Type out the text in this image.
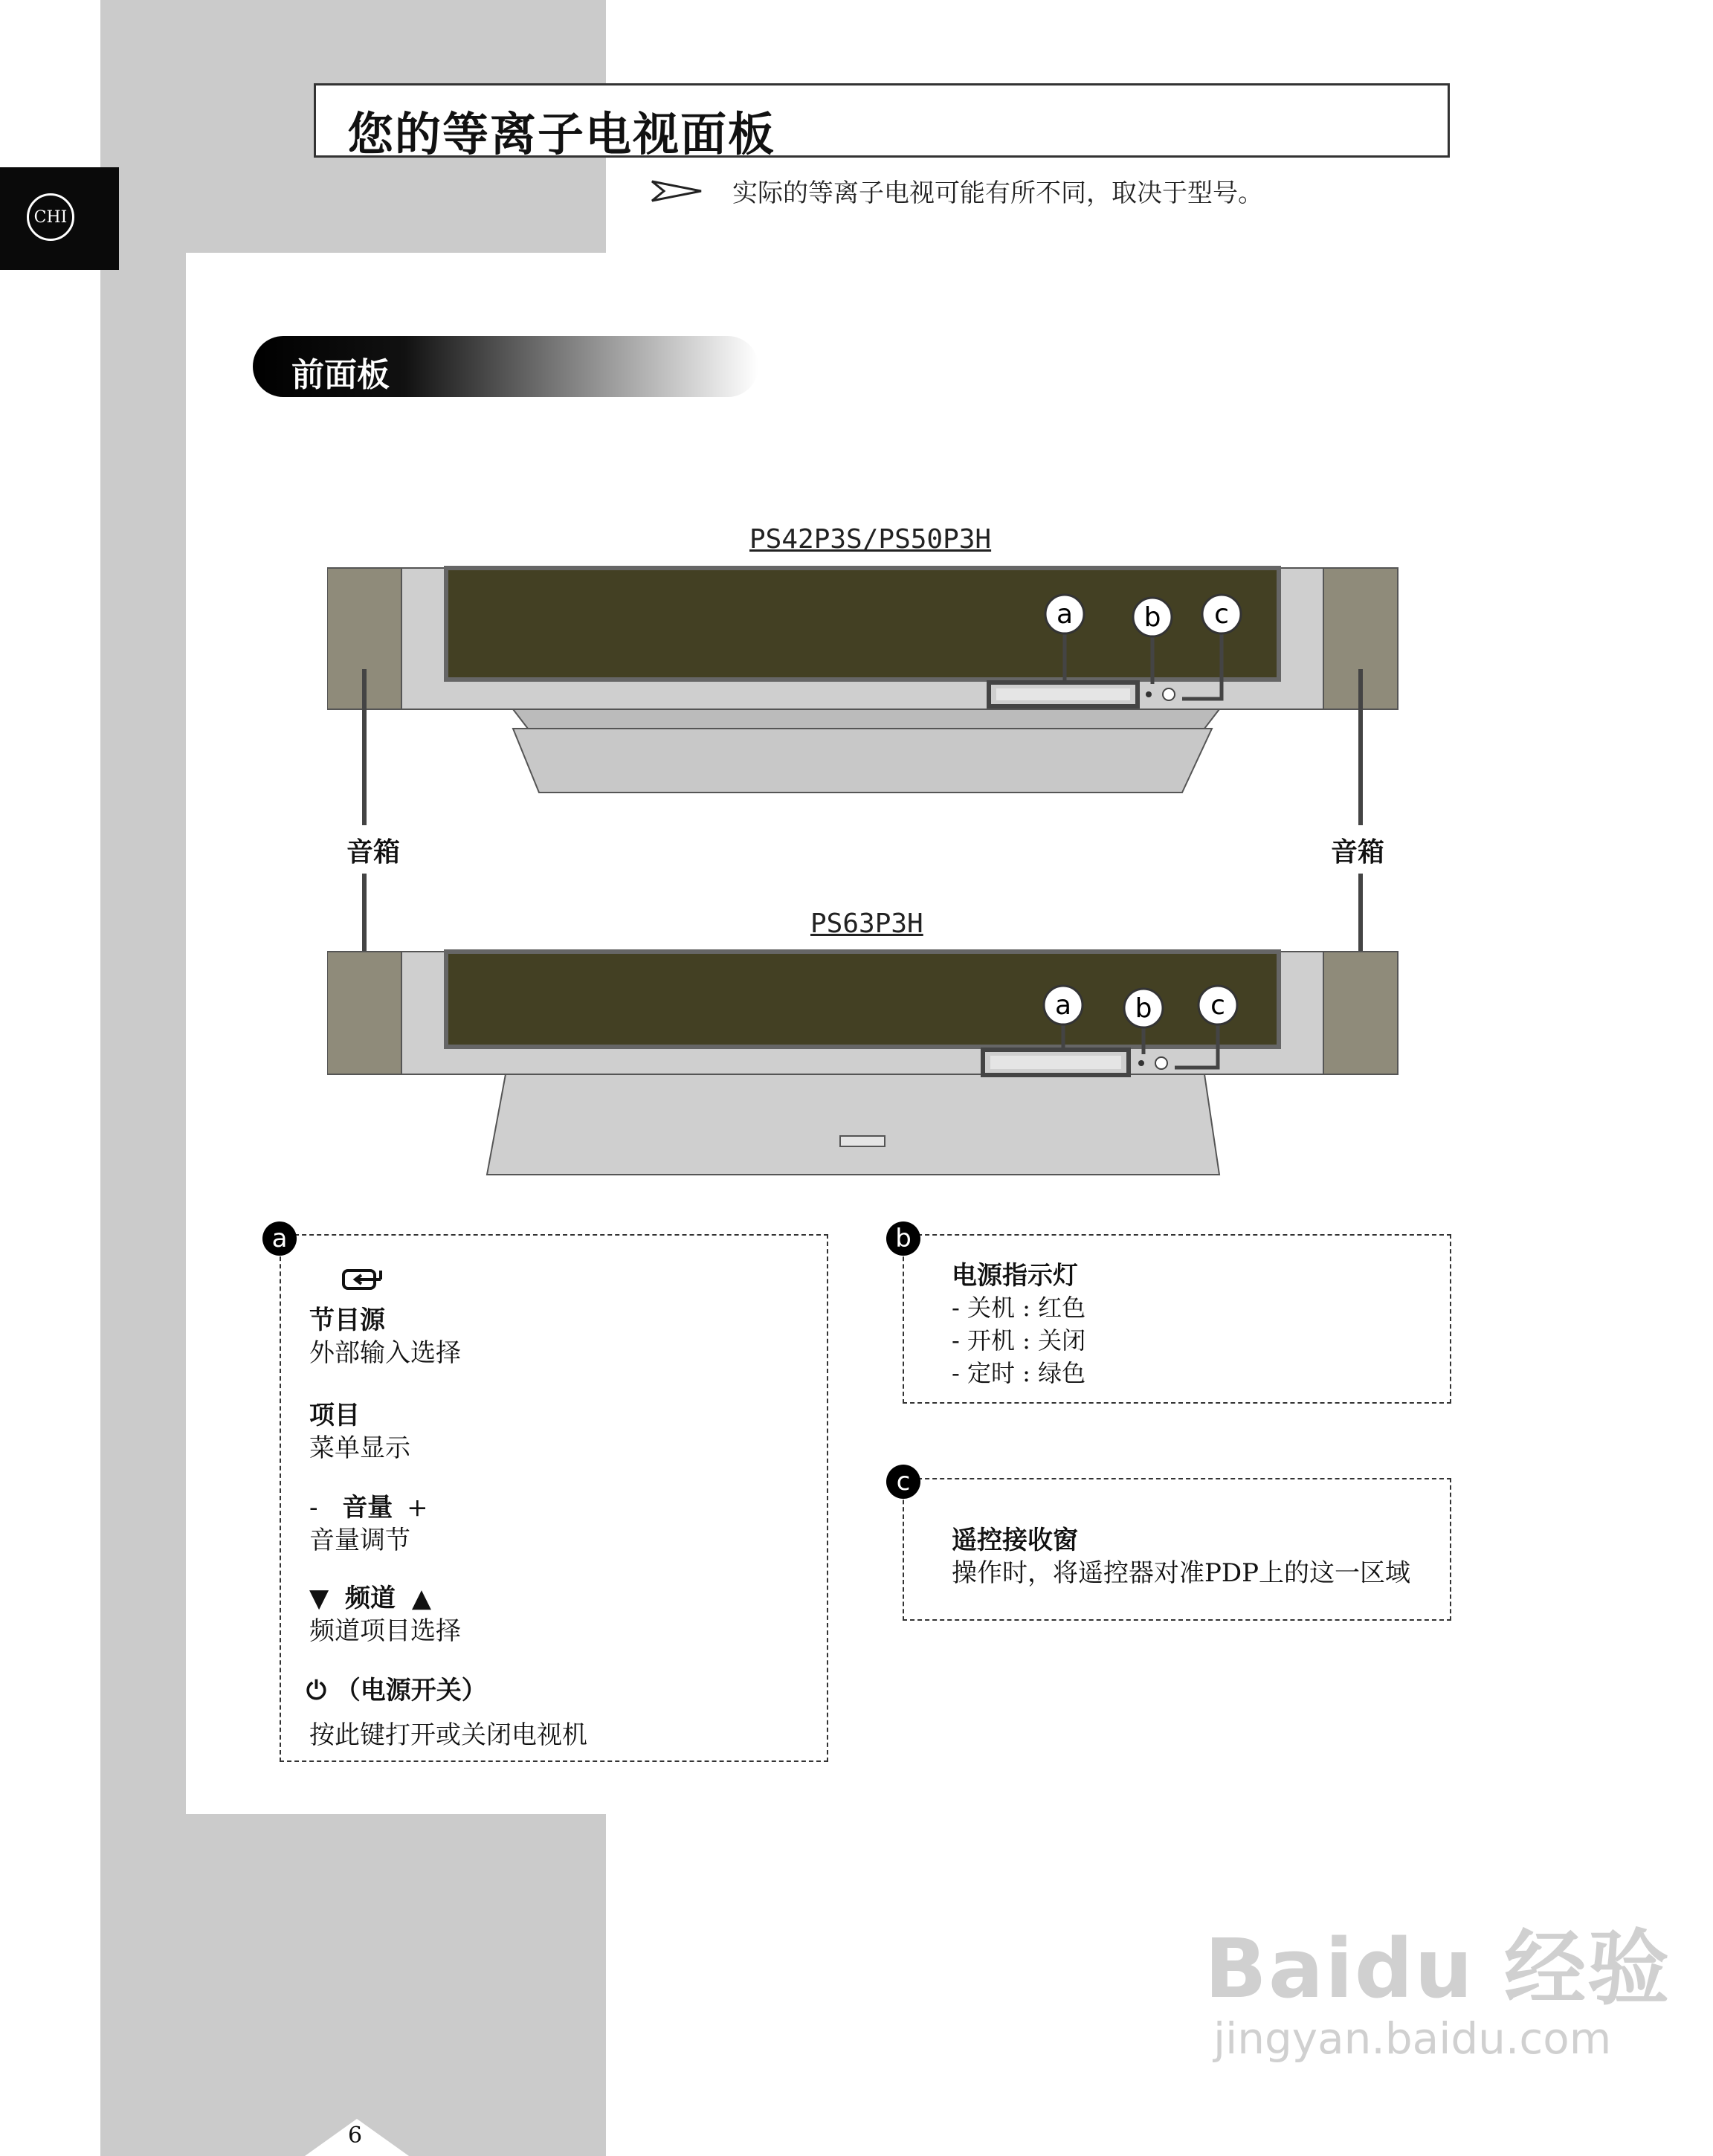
CHI
您的等离子电视面板
实际的等离子电视可能有所不同，取决于型号。
前面板
PS42P3S/PS50P3H
PS63P3H
音箱	音箱
a	b c
a b c
a
节目源
外部输入选择
项目
菜单显示
- 音量 +
音量调节
▼ 频道 ▲
频道项目选择
⏻ （电源开关）
按此键打开或关闭电视机
b
电源指示灯
- 关机 : 红色
- 开机 : 关闭
- 定时 : 绿色
c
遥控接收窗
操作时，将遥控器对准PDP上的这一区域
6
Baidu 经验
jingyan.baidu.com
